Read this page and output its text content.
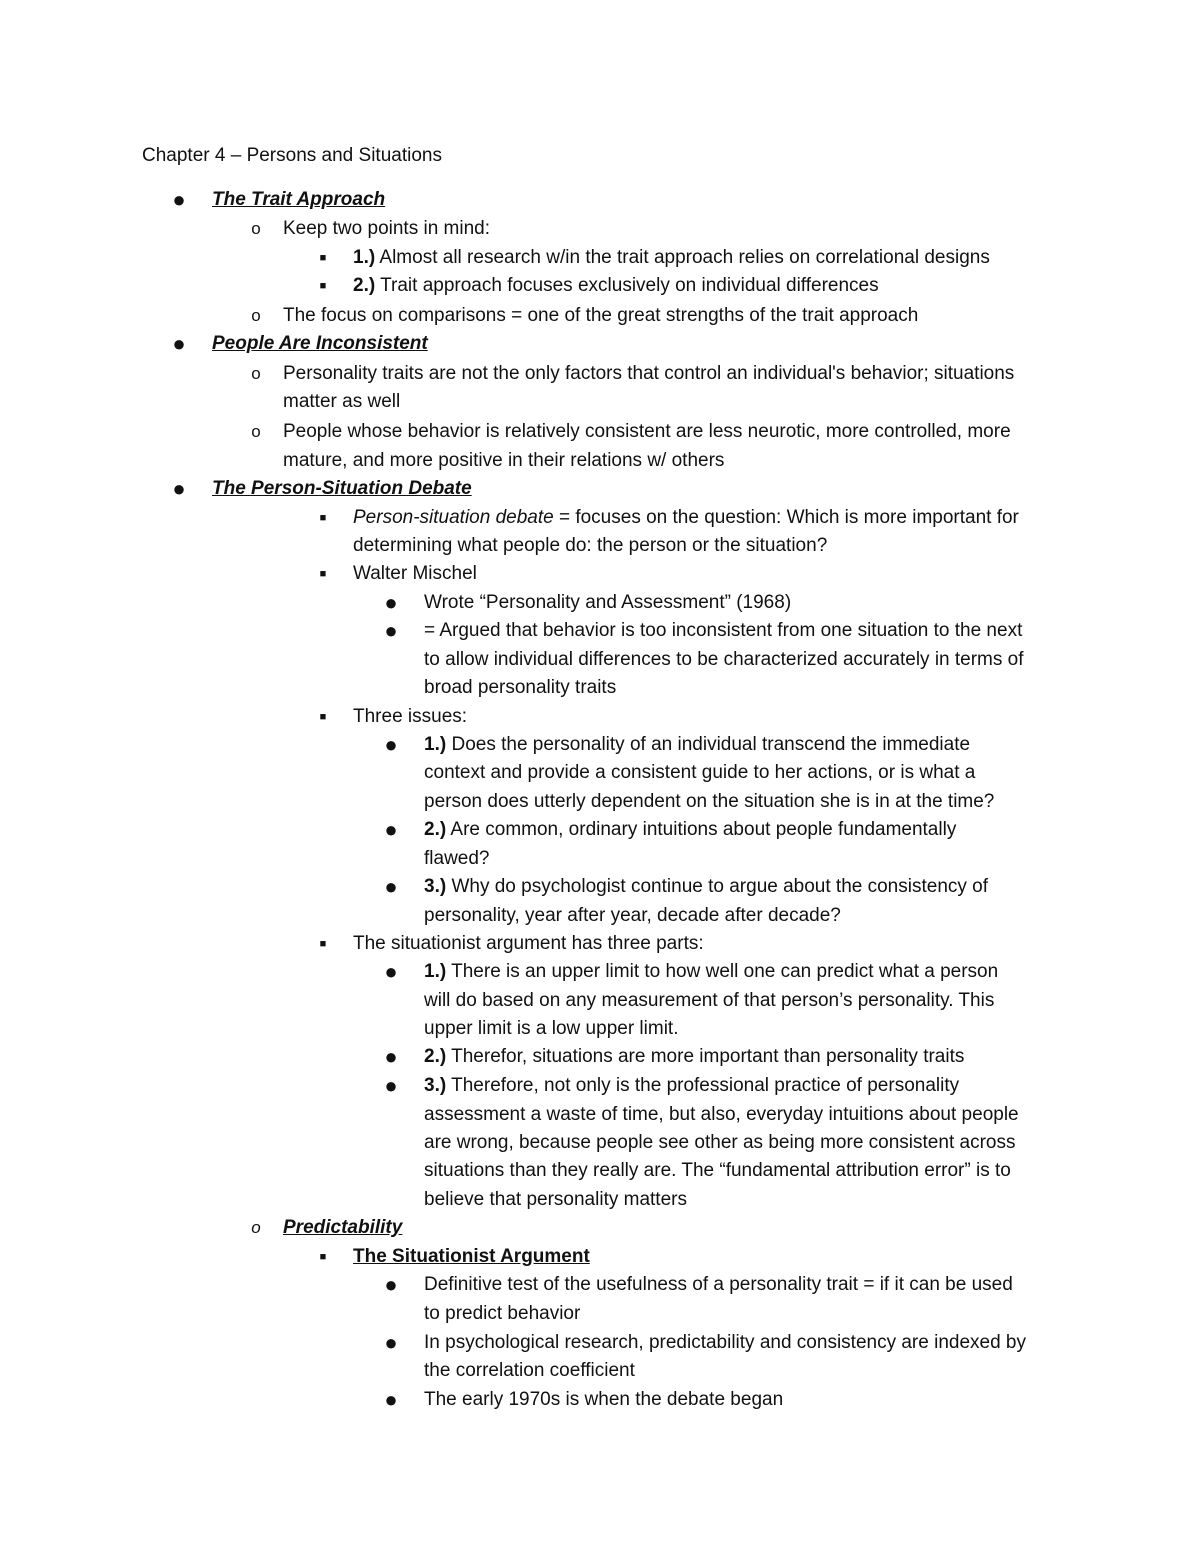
Chapter 4 – Persons and Situations
● The Trait Approach
o Keep two points in mind:
■	1.) Almost all research w/in the trait approach relies on correlational designs
■	2.) Trait approach focuses exclusively on individual differences
o The focus on comparisons = one of the great strengths of the trait approach
● People Are Inconsistent
o Personality traits are not the only factors that control an individual's behavior; situations
matter as well
o People whose behavior is relatively consistent are less neurotic, more controlled, more
mature, and more positive in their relations w/ others
● The Person-Situation Debate
■	Person-situation debate = focuses on the question: Which is more important for
determining what people do: the person or the situation?
■	Walter Mischel
● Wrote “Personality and Assessment” (1968)
● = Argued that behavior is too inconsistent from one situation to the next
to allow individual differences to be characterized accurately in terms of
broad personality traits
■	Three issues:
● 1.) Does the personality of an individual transcend the immediate
context and provide a consistent guide to her actions, or is what a
person does utterly dependent on the situation she is in at the time?
● 2.) Are common, ordinary intuitions about people fundamentally
flawed?
● 3.) Why do psychologist continue to argue about the consistency of
personality, year after year, decade after decade?
■	The situationist argument has three parts:
● 1.) There is an upper limit to how well one can predict what a person
will do based on any measurement of that person’s personality. This
upper limit is a low upper limit.
● 2.) Therefor, situations are more important than personality traits
● 3.) Therefore, not only is the professional practice of personality
assessment a waste of time, but also, everyday intuitions about people
are wrong, because people see other as being more consistent across
situations than they really are. The “fundamental attribution error” is to
believe that personality matters
o Predictability
■	The Situationist Argument
● Definitive test of the usefulness of a personality trait = if it can be used
to predict behavior
● In psychological research, predictability and consistency are indexed by
the correlation coefficient
● The early 1970s is when the debate began
